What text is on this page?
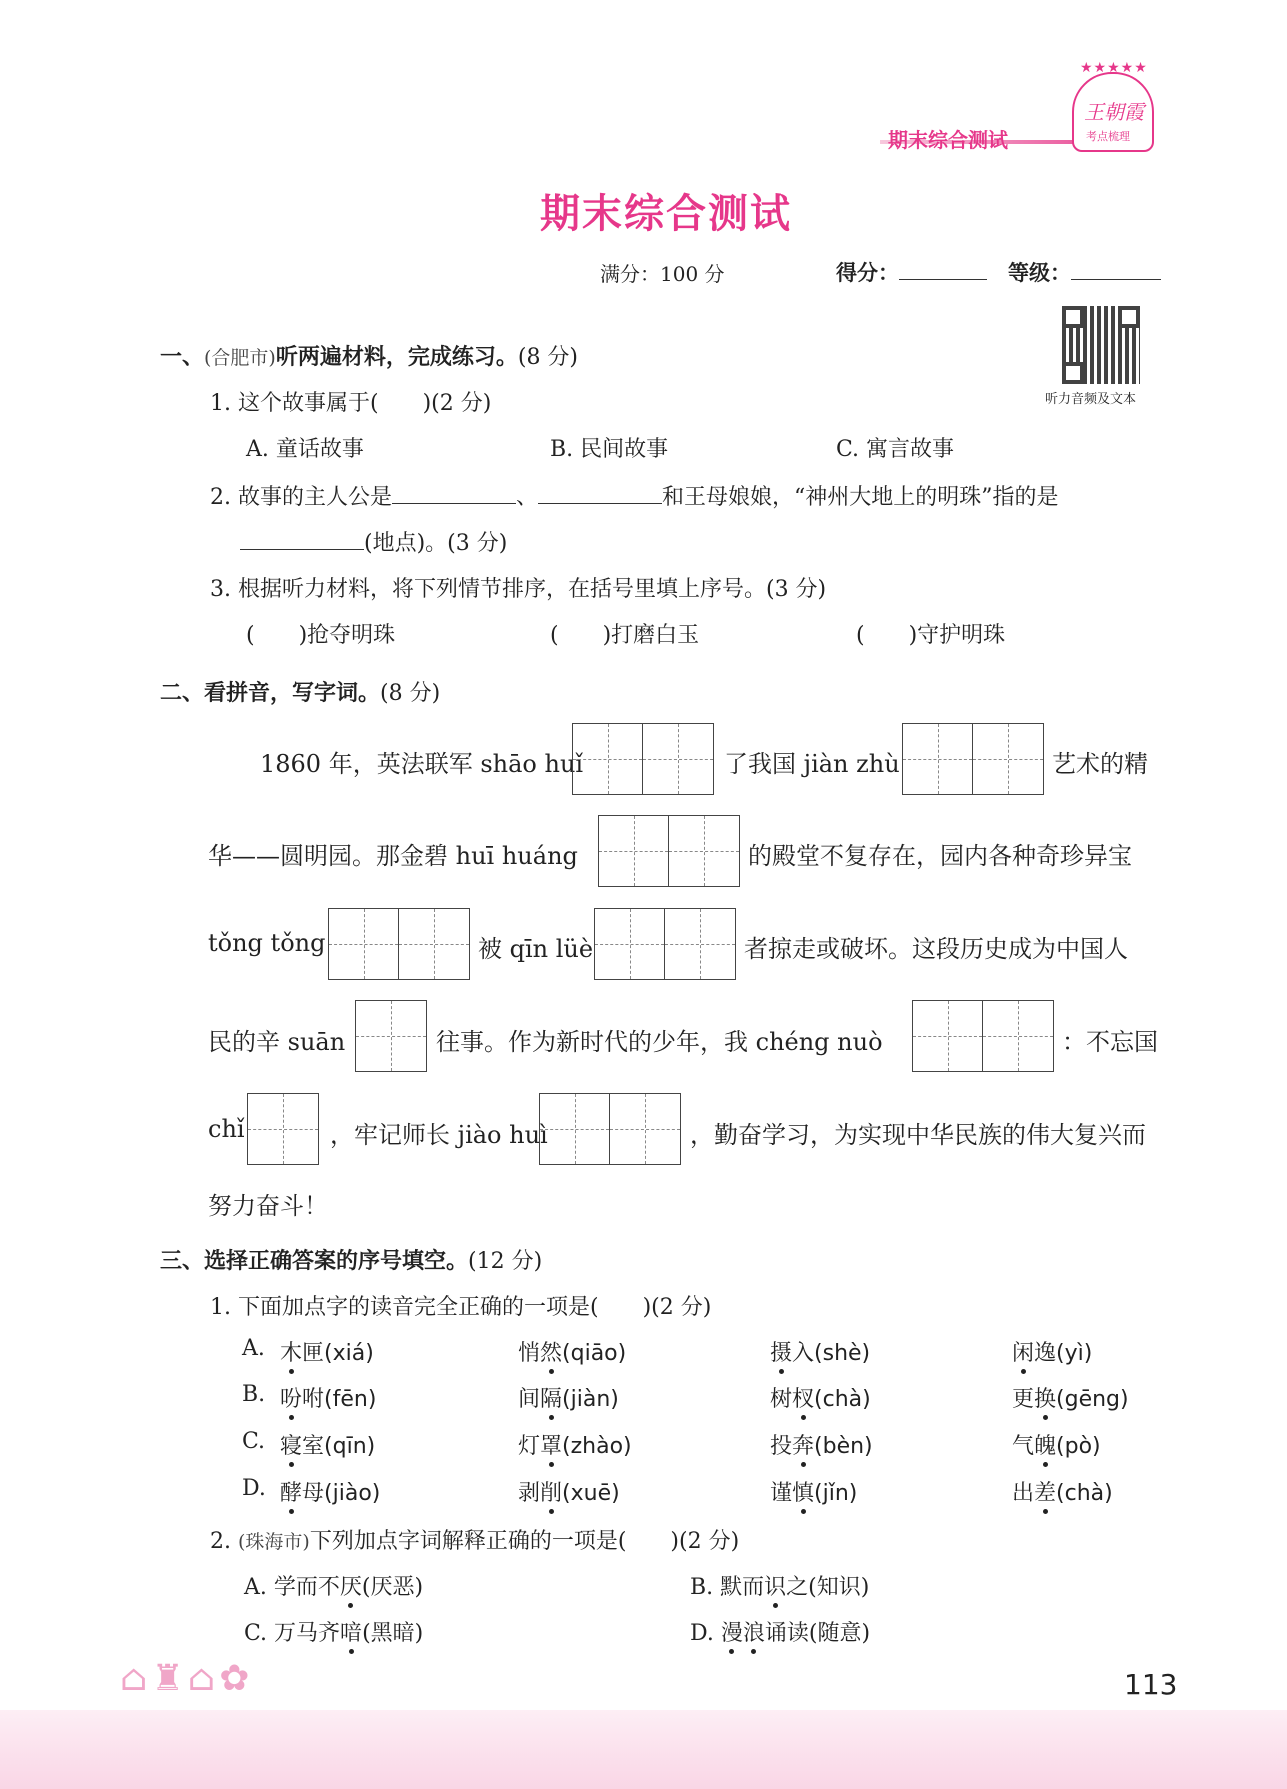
期末综合测试
★★★★★
王朝霞
考点梳理
期末综合测试
满分：100 分	得分：	等级：
听力音频及文本
一、(合肥市)听两遍材料，完成练习。(8 分)
1. 这个故事属于(　　)(2 分)
A. 童话故事	B. 民间故事	C. 寓言故事
2. 故事的主人公是	、	和王母娘娘，“神州大地上的明珠”指的是
(地点)。(3 分)
3. 根据听力材料，将下列情节排序，在括号里填上序号。(3 分)
(　　)抢夺明珠	(　　)打磨白玉	(　　)守护明珠
二、看拼音，写字词。(8 分)
1860 年，英法联军 shāo huǐ	了我国 jiàn zhù	艺术的精
华——圆明园。那金碧 huī huáng	的殿堂不复存在，园内各种奇珍异宝
tǒng tǒng	被 qīn lüè	者掠走或破坏。这段历史成为中国人
民的辛 suān	往事。作为新时代的少年，我 chéng nuò	：不忘国
chǐ	，牢记师长 jiào huì	，勤奋学习，为实现中华民族的伟大复兴而
努力奋斗！
三、选择正确答案的序号填空。(12 分)
1. 下面加点字的读音完全正确的一项是(　　)(2 分)
A. 木匣(xiá)	悄然(qiāo)	摄入(shè)	闲逸(yì)
B. 吩咐(fēn)	间隔(jiàn)	树杈(chà)	更换(gēng)
C. 寝室(qīn)	灯罩(zhào)	投奔(bèn)	气魄(pò)
D. 酵母(jiào)	剥削(xuē)	谨慎(jǐn)	出差(chà)
2. (珠海市)下列加点字词解释正确的一项是(　　)(2 分)
A. 学而不厌(厌恶)	B. 默而识之(知识)
C. 万马齐喑(黑暗)	D. 漫浪诵读(随意)
⌂♜⌂✿	113
